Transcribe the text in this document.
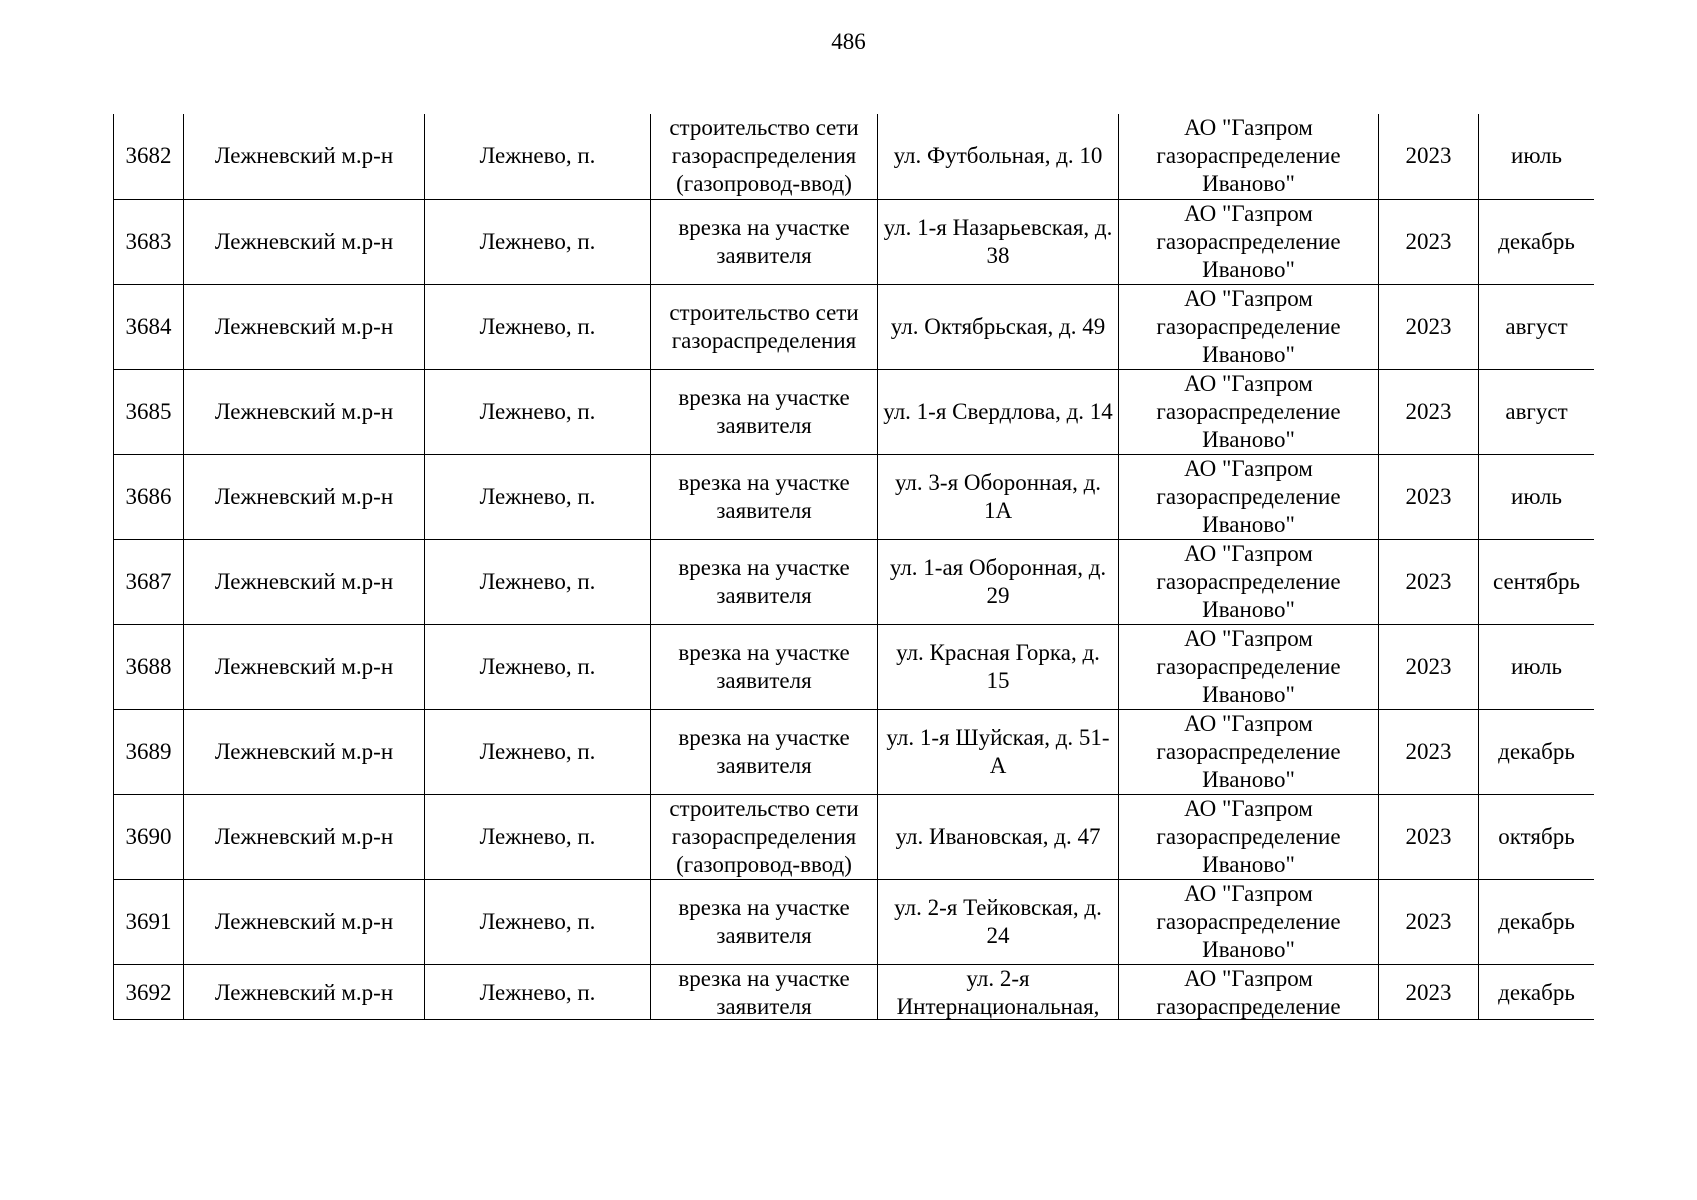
486
3682	Лежневский м.р-н	Лежнево, п.	строительство сети газораспределения (газопровод-ввод)	ул. Футбольная, д. 10	АО "Газпром газораспределение Иваново"	2023	июль
3683	Лежневский м.р-н	Лежнево, п.	врезка на участке заявителя	ул. 1-я Назарьевская, д. 38	АО "Газпром газораспределение Иваново"	2023	декабрь
3684	Лежневский м.р-н	Лежнево, п.	строительство сети газораспределения	ул. Октябрьская, д. 49	АО "Газпром газораспределение Иваново"	2023	август
3685	Лежневский м.р-н	Лежнево, п.	врезка на участке заявителя	ул. 1-я Свердлова, д. 14	АО "Газпром газораспределение Иваново"	2023	август
3686	Лежневский м.р-н	Лежнево, п.	врезка на участке заявителя	ул. 3-я Оборонная, д. 1А	АО "Газпром газораспределение Иваново"	2023	июль
3687	Лежневский м.р-н	Лежнево, п.	врезка на участке заявителя	ул. 1-ая Оборонная, д. 29	АО "Газпром газораспределение Иваново"	2023	сентябрь
3688	Лежневский м.р-н	Лежнево, п.	врезка на участке заявителя	ул. Красная Горка, д. 15	АО "Газпром газораспределение Иваново"	2023	июль
3689	Лежневский м.р-н	Лежнево, п.	врезка на участке заявителя	ул. 1-я Шуйская, д. 51-А	АО "Газпром газораспределение Иваново"	2023	декабрь
3690	Лежневский м.р-н	Лежнево, п.	строительство сети газораспределения (газопровод-ввод)	ул. Ивановская, д. 47	АО "Газпром газораспределение Иваново"	2023	октябрь
3691	Лежневский м.р-н	Лежнево, п.	врезка на участке заявителя	ул. 2-я Тейковская, д. 24	АО "Газпром газораспределение Иваново"	2023	декабрь
3692	Лежневский м.р-н	Лежнево, п.	врезка на участке заявителя	ул. 2-я Интернациональная,	АО "Газпром газораспределение	2023	декабрь
